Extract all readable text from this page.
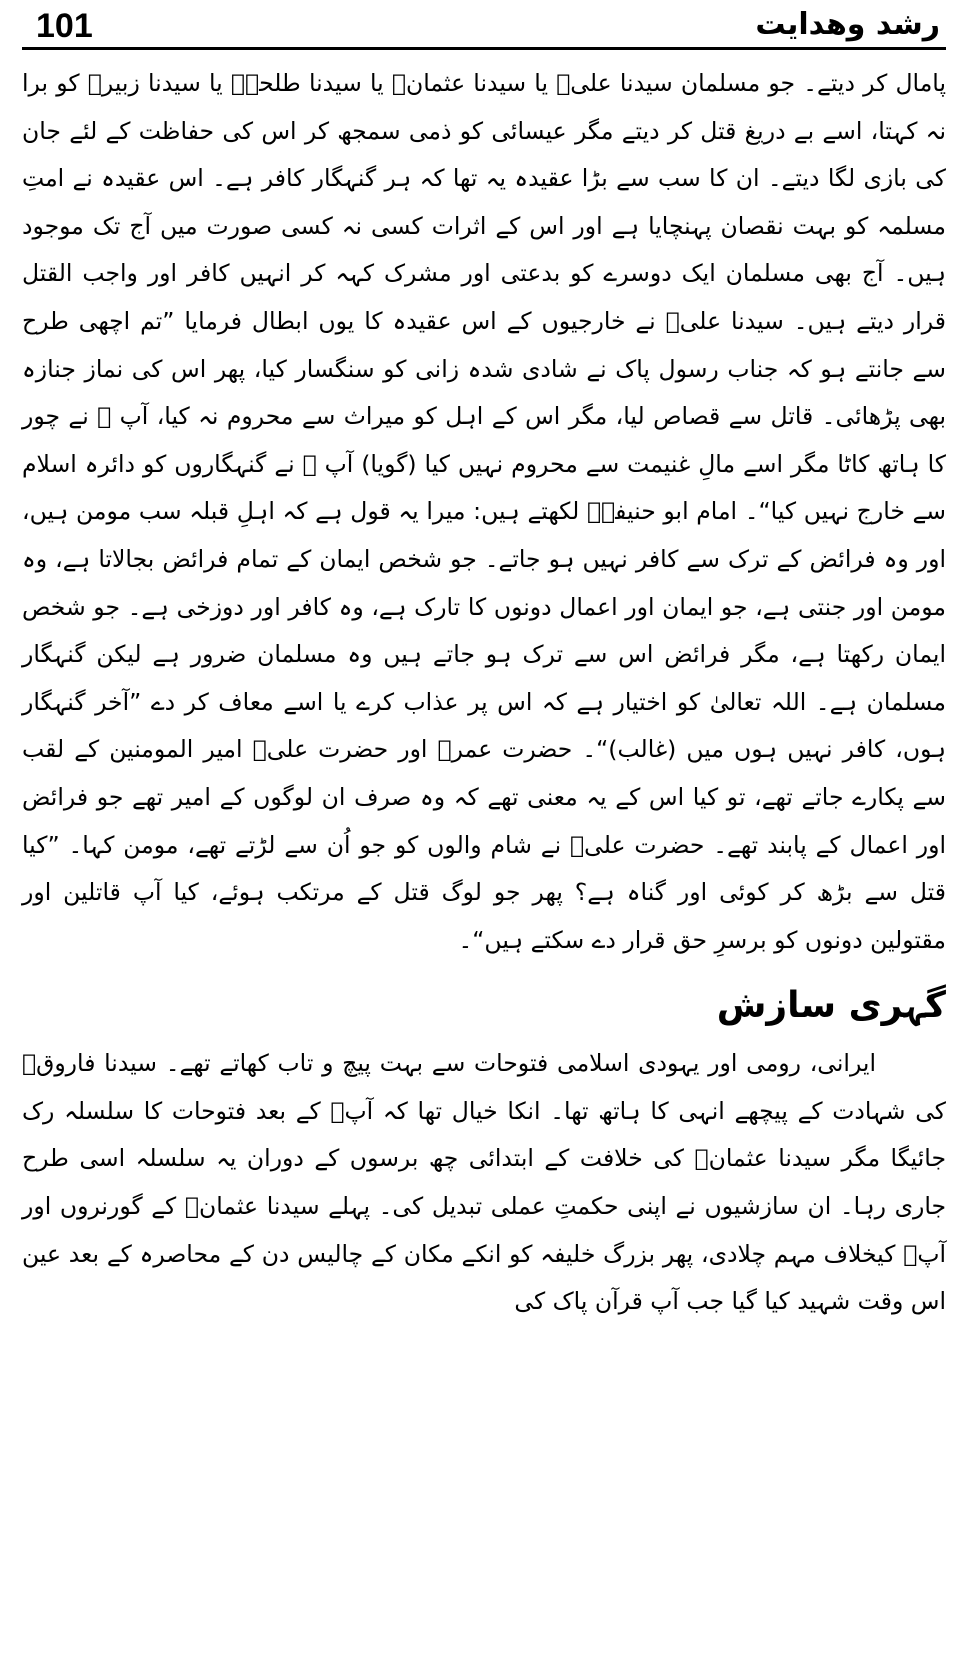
101	رشد وھدایت

پامال کر دیتے۔ جو مسلمان سیدنا علیؓ یا سیدنا عثمانؓ یا سیدنا طلحہؓ یا سیدنا زبیرؓ کو برا نہ کہتا، اسے بے دریغ قتل کر دیتے مگر عیسائی کو ذمی سمجھ کر اس کی حفاظت کے لئے جان کی بازی لگا دیتے۔ ان کا سب سے بڑا عقیدہ یہ تھا کہ ہر گنہگار کافر ہے۔ اس عقیدہ نے امتِ مسلمہ کو بہت نقصان پہنچایا ہے اور اس کے اثرات کسی نہ کسی صورت میں آج تک موجود ہیں۔ آج بھی مسلمان ایک دوسرے کو بدعتی اور مشرک کہہ کر انہیں کافر اور واجب القتل قرار دیتے ہیں۔ سیدنا علیؓ نے خارجیوں کے اس عقیدہ کا یوں ابطال فرمایا ”تم اچھی طرح سے جانتے ہو کہ جناب رسول پاک نے شادی شدہ زانی کو سنگسار کیا، پھر اس کی نماز جنازہ بھی پڑھائی۔ قاتل سے قصاص لیا، مگر اس کے اہل کو میراث سے محروم نہ کیا، آپ ﷺ نے چور کا ہاتھ کاٹا مگر اسے مالِ غنیمت سے محروم نہیں کیا (گویا) آپ ﷺ نے گنہگاروں کو دائرہ اسلام سے خارج نہیں کیا“۔ امام ابو حنیفہؒ لکھتے ہیں: میرا یہ قول ہے کہ اہلِ قبلہ سب مومن ہیں، اور وہ فرائض کے ترک سے کافر نہیں ہو جاتے۔ جو شخص ایمان کے تمام فرائض بجالاتا ہے، وہ مومن اور جنتی ہے، جو ایمان اور اعمال دونوں کا تارک ہے، وہ کافر اور دوزخی ہے۔ جو شخص ایمان رکھتا ہے، مگر فرائض اس سے ترک ہو جاتے ہیں وہ مسلمان ضرور ہے لیکن گنہگار مسلمان ہے۔ اللہ تعالیٰ کو اختیار ہے کہ اس پر عذاب کرے یا اسے معاف کر دے ”آخر گنہگار ہوں، کافر نہیں ہوں میں (غالب)“۔ حضرت عمرؓ اور حضرت علیؓ امیر المومنین کے لقب سے پکارے جاتے تھے، تو کیا اس کے یہ معنی تھے کہ وہ صرف ان لوگوں کے امیر تھے جو فرائض اور اعمال کے پابند تھے۔ حضرت علیؓ نے شام والوں کو جو اُن سے لڑتے تھے، مومن کہا۔ ”کیا قتل سے بڑھ کر کوئی اور گناہ ہے؟ پھر جو لوگ قتل کے مرتکب ہوئے، کیا آپ قاتلین اور مقتولین دونوں کو برسرِ حق قرار دے سکتے ہیں“۔

گہری سازش

ایرانی، رومی اور یہودی اسلامی فتوحات سے بہت پیچ و تاب کھاتے تھے۔ سیدنا فاروقؓ کی شہادت کے پیچھے انہی کا ہاتھ تھا۔ انکا خیال تھا کہ آپؓ کے بعد فتوحات کا سلسلہ رک جائیگا مگر سیدنا عثمانؓ کی خلافت کے ابتدائی چھ برسوں کے دوران یہ سلسلہ اسی طرح جاری رہا۔ ان سازشیوں نے اپنی حکمتِ عملی تبدیل کی۔ پہلے سیدنا عثمانؓ کے گورنروں اور آپؓ کیخلاف مہم چلادی، پھر بزرگ خلیفہ کو انکے مکان کے چالیس دن کے محاصرہ کے بعد عین اس وقت شہید کیا گیا جب آپ قرآن پاک کی
